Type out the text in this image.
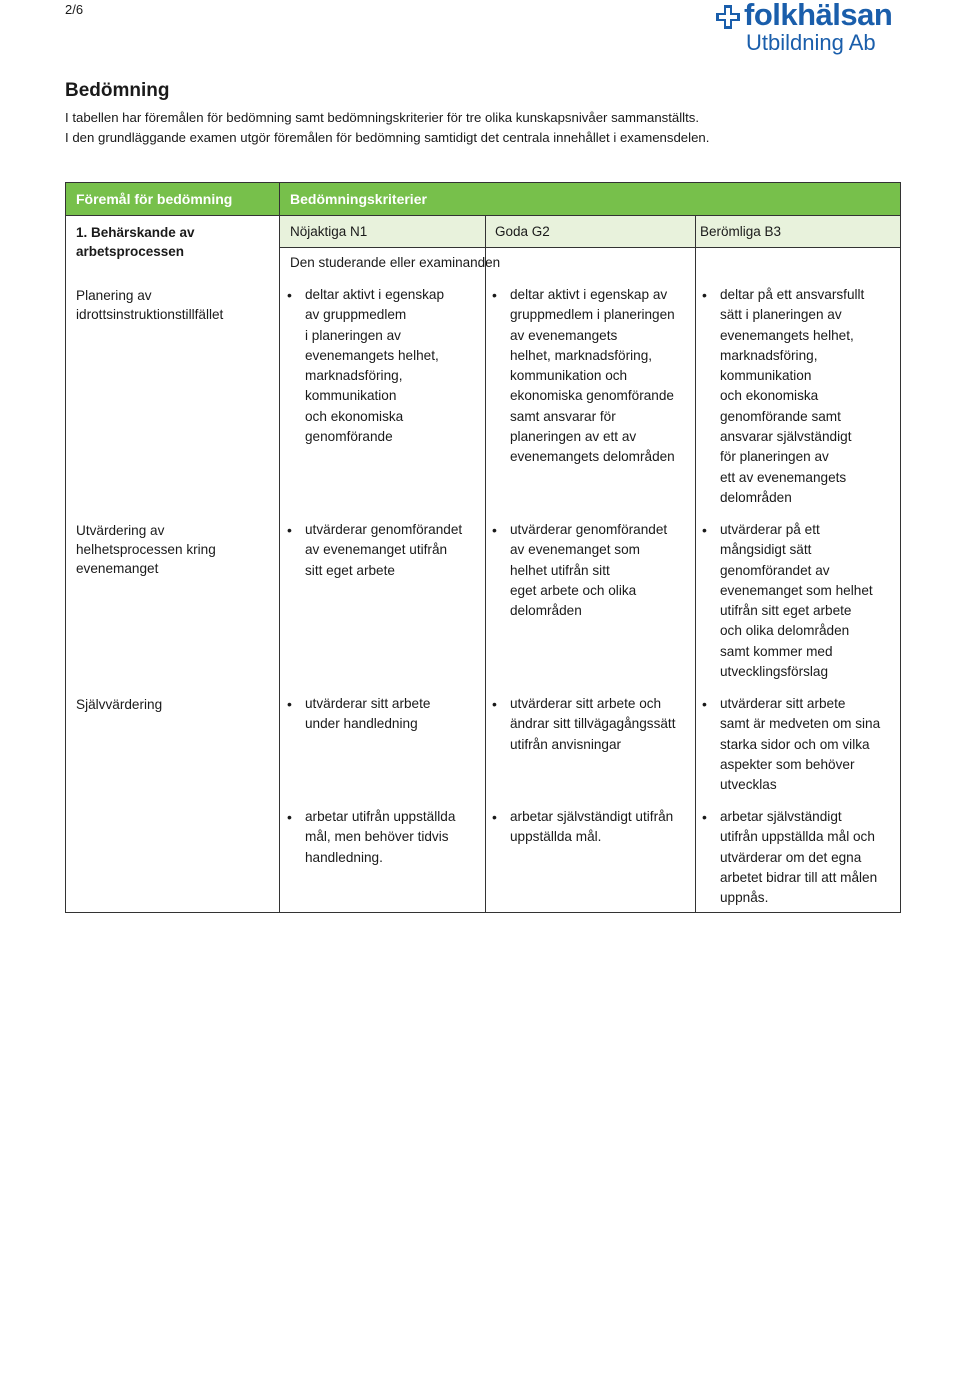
2/6	folkhälsan
Utbildning Ab
Bedömning
I tabellen har föremålen för bedömning samt bedömningskriterier för tre olika kunskapsnivåer sammanställts.
I den grundläggande examen utgör föremålen för bedömning samtidigt det centrala innehållet i examensdelen.
Föremål för bedömning	Bedömningskriterier
Nöjaktiga N1	Goda G2	Berömliga B3
1. Behärskande av
arbetsprocessen
Den studerande eller examinanden
Planering av
idrottsinstruktionstillfället
• deltar aktivt i egenskap
av gruppmedlem
i planeringen av
evenemangets helhet,
marknadsföring,
kommunikation
och ekonomiska
genomförande
• deltar aktivt i egenskap av
gruppmedlem i planeringen
av evenemangets
helhet, marknadsföring,
kommunikation och
ekonomiska genomförande
samt ansvarar för
planeringen av ett av
evenemangets delområden
• deltar på ett ansvarsfullt
sätt i planeringen av
evenemangets helhet,
marknadsföring,
kommunikation
och ekonomiska
genomförande samt
ansvarar självständigt
för planeringen av
ett av evenemangets
delområden
Utvärdering av
helhetsprocessen kring
evenemanget
• utvärderar genomförandet
av evenemanget utifrån
sitt eget arbete
• utvärderar genomförandet
av evenemanget som
helhet utifrån sitt
eget arbete och olika
delområden
• utvärderar på ett
mångsidigt sätt
genomförandet av
evenemanget som helhet
utifrån sitt eget arbete
och olika delområden
samt kommer med
utvecklingsförslag
Självvärdering
•	utvärderar sitt arbete
under handledning
• utvärderar sitt arbete och
ändrar sitt tillvägagångssätt
utifrån anvisningar
• utvärderar sitt arbete
samt är medveten om sina
starka sidor och om vilka
aspekter som behöver
utvecklas
• arbetar utifrån uppställda
mål, men behöver tidvis
handledning.
• arbetar självständigt utifrån
uppställda mål.
• arbetar självständigt
utifrån uppställda mål och
utvärderar om det egna
arbetet bidrar till att målen
uppnås.
